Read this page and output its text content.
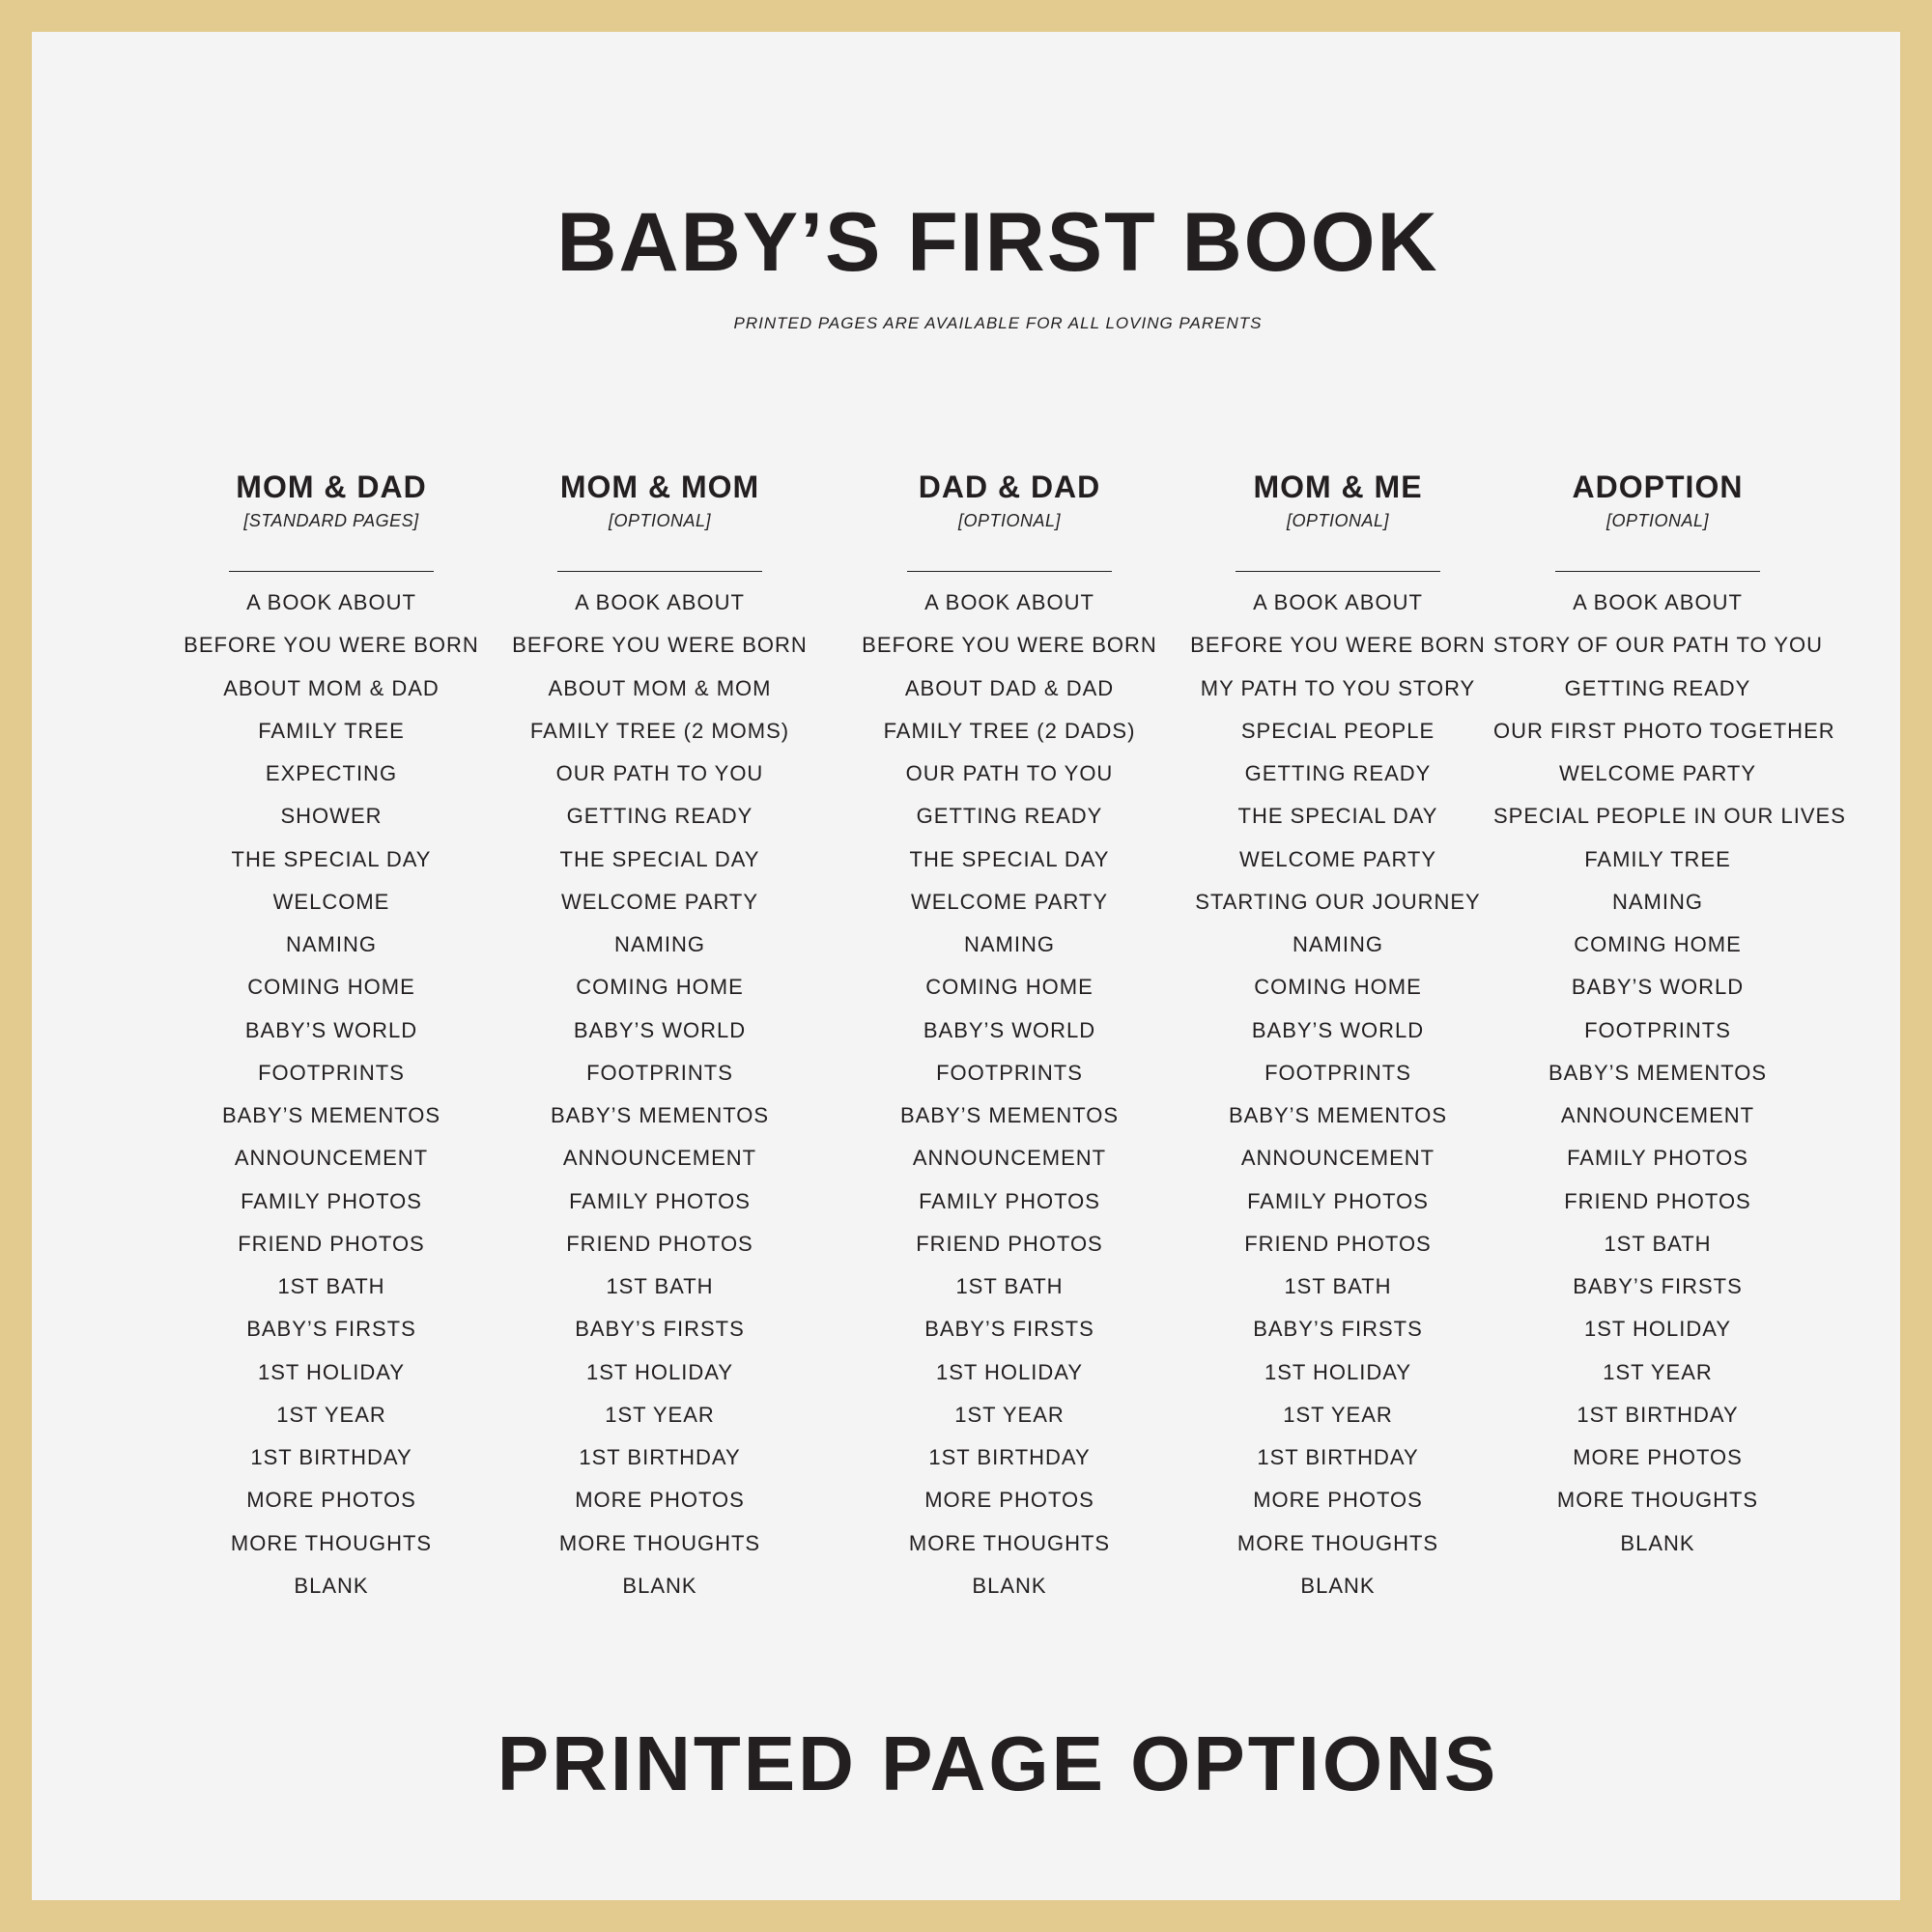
BABY’S FIRST BOOK

PRINTED PAGES ARE AVAILABLE FOR ALL LOVING PARENTS

MOM & DAD
[STANDARD PAGES]
A BOOK ABOUT
BEFORE YOU WERE BORN
ABOUT MOM & DAD
FAMILY TREE
EXPECTING
SHOWER
THE SPECIAL DAY
WELCOME
NAMING
COMING HOME
BABY’S WORLD
FOOTPRINTS
BABY’S MEMENTOS
ANNOUNCEMENT
FAMILY PHOTOS
FRIEND PHOTOS
1ST BATH
BABY’S FIRSTS
1ST HOLIDAY
1ST YEAR
1ST BIRTHDAY
MORE PHOTOS
MORE THOUGHTS
BLANK
MOM & MOM
[OPTIONAL]
A BOOK ABOUT
BEFORE YOU WERE BORN
ABOUT MOM & MOM
FAMILY TREE (2 MOMS)
OUR PATH TO YOU
GETTING READY
THE SPECIAL DAY
WELCOME PARTY
NAMING
COMING HOME
BABY’S WORLD
FOOTPRINTS
BABY’S MEMENTOS
ANNOUNCEMENT
FAMILY PHOTOS
FRIEND PHOTOS
1ST BATH
BABY’S FIRSTS
1ST HOLIDAY
1ST YEAR
1ST BIRTHDAY
MORE PHOTOS
MORE THOUGHTS
BLANK
DAD & DAD
[OPTIONAL]
A BOOK ABOUT
BEFORE YOU WERE BORN
ABOUT DAD & DAD
FAMILY TREE (2 DADS)
OUR PATH TO YOU
GETTING READY
THE SPECIAL DAY
WELCOME PARTY
NAMING
COMING HOME
BABY’S WORLD
FOOTPRINTS
BABY’S MEMENTOS
ANNOUNCEMENT
FAMILY PHOTOS
FRIEND PHOTOS
1ST BATH
BABY’S FIRSTS
1ST HOLIDAY
1ST YEAR
1ST BIRTHDAY
MORE PHOTOS
MORE THOUGHTS
BLANK
MOM & ME
[OPTIONAL]
A BOOK ABOUT
BEFORE YOU WERE BORN
MY PATH TO YOU STORY
SPECIAL PEOPLE
GETTING READY
THE SPECIAL DAY
WELCOME PARTY
STARTING OUR JOURNEY
NAMING
COMING HOME
BABY’S WORLD
FOOTPRINTS
BABY’S MEMENTOS
ANNOUNCEMENT
FAMILY PHOTOS
FRIEND PHOTOS
1ST BATH
BABY’S FIRSTS
1ST HOLIDAY
1ST YEAR
1ST BIRTHDAY
MORE PHOTOS
MORE THOUGHTS
BLANK
ADOPTION
[OPTIONAL]
A BOOK ABOUT
STORY OF OUR PATH TO YOU
GETTING READY
OUR FIRST PHOTO TOGETHER
WELCOME PARTY
SPECIAL PEOPLE IN OUR LIVES
FAMILY TREE
NAMING
COMING HOME
BABY’S WORLD
FOOTPRINTS
BABY’S MEMENTOS
ANNOUNCEMENT
FAMILY PHOTOS
FRIEND PHOTOS
1ST BATH
BABY’S FIRSTS
1ST HOLIDAY
1ST YEAR
1ST BIRTHDAY
MORE PHOTOS
MORE THOUGHTS
BLANK
PRINTED PAGE OPTIONS
